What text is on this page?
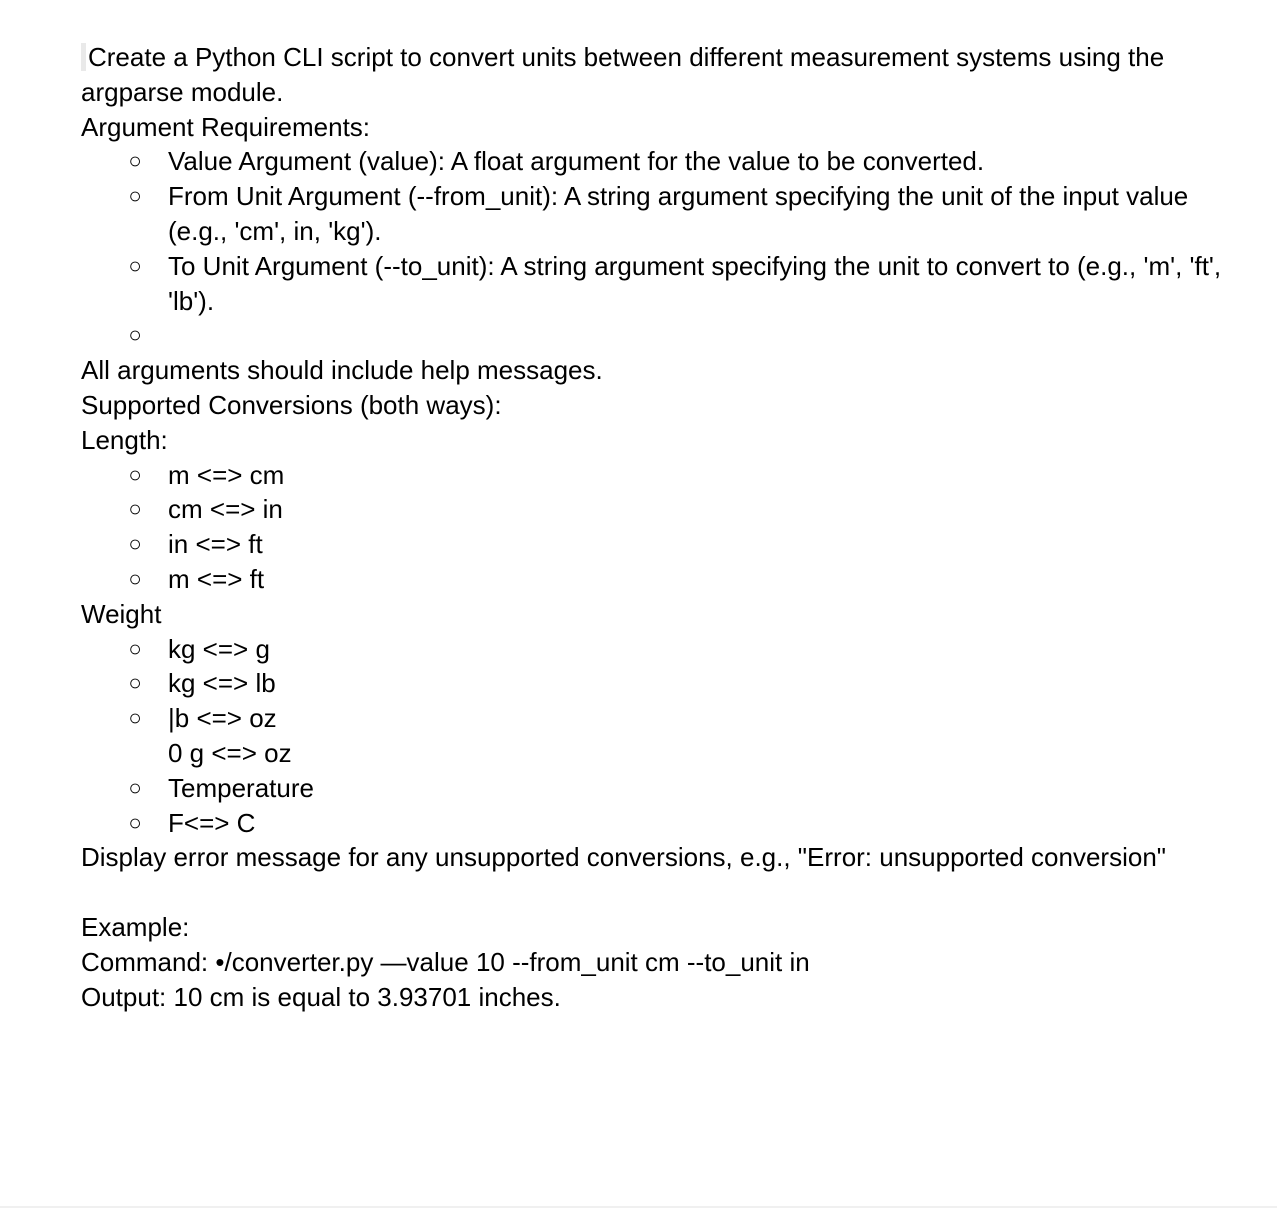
Create a Python CLI script to convert units between different measurement systems using the argparse module.

Argument Requirements:

○ Value Argument (value): A float argument for the value to be converted.
○ From Unit Argument (--from_unit): A string argument specifying the unit of the input value (e.g., 'cm', in, 'kg').
○ To Unit Argument (--to_unit): A string argument specifying the unit to convert to (e.g., 'm', 'ft', 'lb').
○

All arguments should include help messages.

Supported Conversions (both ways):

Length:

○ m <=> cm
○ cm <=> in
○ in <=> ft
○ m <=> ft

Weight

○ kg <=> g
○ kg <=> lb
○ |b <=> oz
0 g <=> oz
○ Temperature
○ F<=> C

Display error message for any unsupported conversions, e.g., "Error: unsupported conversion"

Example:

Command: •/converter.py —value 10 --from_unit cm --to_unit in

Output: 10 cm is equal to 3.93701 inches.
